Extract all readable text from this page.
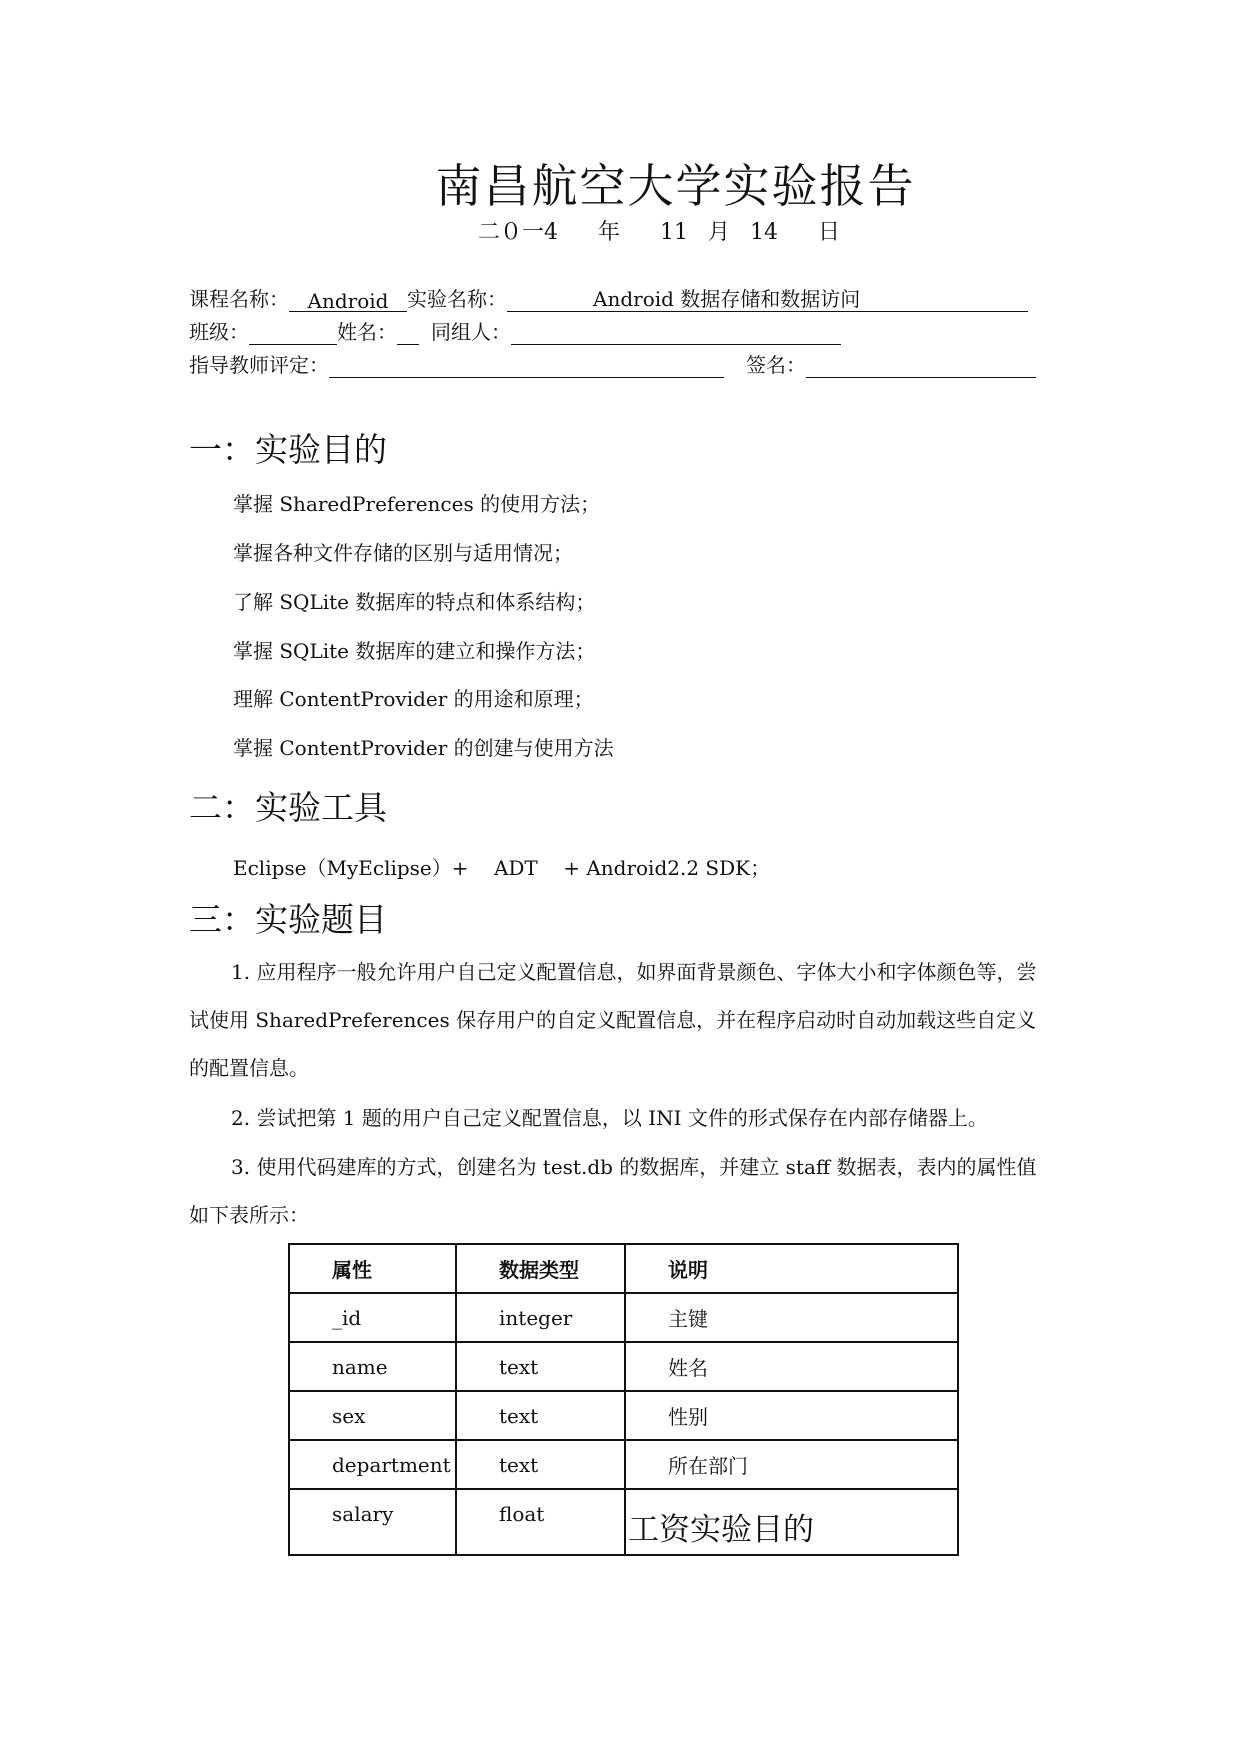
南昌航空大学实验报告
二０一4 年 11 月 14 日
课程名称： Android 实验名称：	Android 数据存储和数据访问
班级：	姓名： 同组人：
指导教师评定：	签名：
一：实验目的
掌握 SharedPreferences 的使用方法；
掌握各种文件存储的区别与适用情况；
了解 SQLite 数据库的特点和体系结构；
掌握 SQLite 数据库的建立和操作方法；
理解 ContentProvider 的用途和原理；
掌握 ContentProvider 的创建与使用方法
二：实验工具
Eclipse（MyEclipse）+    ADT    + Android2.2 SDK；
三：实验题目
1. 应用程序一般允许用户自己定义配置信息，如界面背景颜色、字体大小和字体颜色等，尝试使用 SharedPreferences 保存用户的自定义配置信息，并在程序启动时自动加载这些自定义的配置信息。
2. 尝试把第 1 题的用户自己定义配置信息，以 INI 文件的形式保存在内部存储器上。
3. 使用代码建库的方式，创建名为 test.db 的数据库，并建立 staff 数据表，表内的属性值如下表所示：
属性	数据类型	说明
_id	integer	主键
name	text	姓名
sex	text	性别
department	text	所在部门
salary	float	工资实验目的
